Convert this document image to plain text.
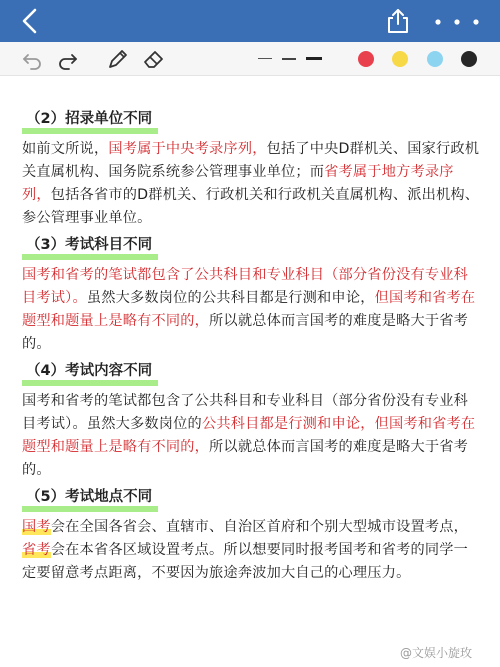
（2）招录单位不同

如前文所说，国考属于中央考录序列，包括了中央D群机关、国家行政机关直属机构、国务院系统参公管理事业单位；而省考属于地方考录序列，包括各省市的D群机关、行政机关和行政机关直属机构、派出机构、参公管理事业单位。

（3）考试科目不同

国考和省考的笔试都包含了公共科目和专业科目（部分省份没有专业科目考试）。虽然大多数岗位的公共科目都是行测和申论，但国考和省考在题型和题量上是略有不同的，所以就总体而言国考的难度是略大于省考的。

（4）考试内容不同

国考和省考的笔试都包含了公共科目和专业科目（部分省份没有专业科目考试）。虽然大多数岗位的公共科目都是行测和申论，但国考和省考在题型和题量上是略有不同的，所以就总体而言国考的难度是略大于省考的。

（5）考试地点不同

国考会在全国各省会、直辖市、自治区首府和个别大型城市设置考点，省考会在本省各区域设置考点。所以想要同时报考国考和省考的同学一定要留意考点距离，不要因为旅途奔波加大自己的心理压力。

@文娱小旋玫
